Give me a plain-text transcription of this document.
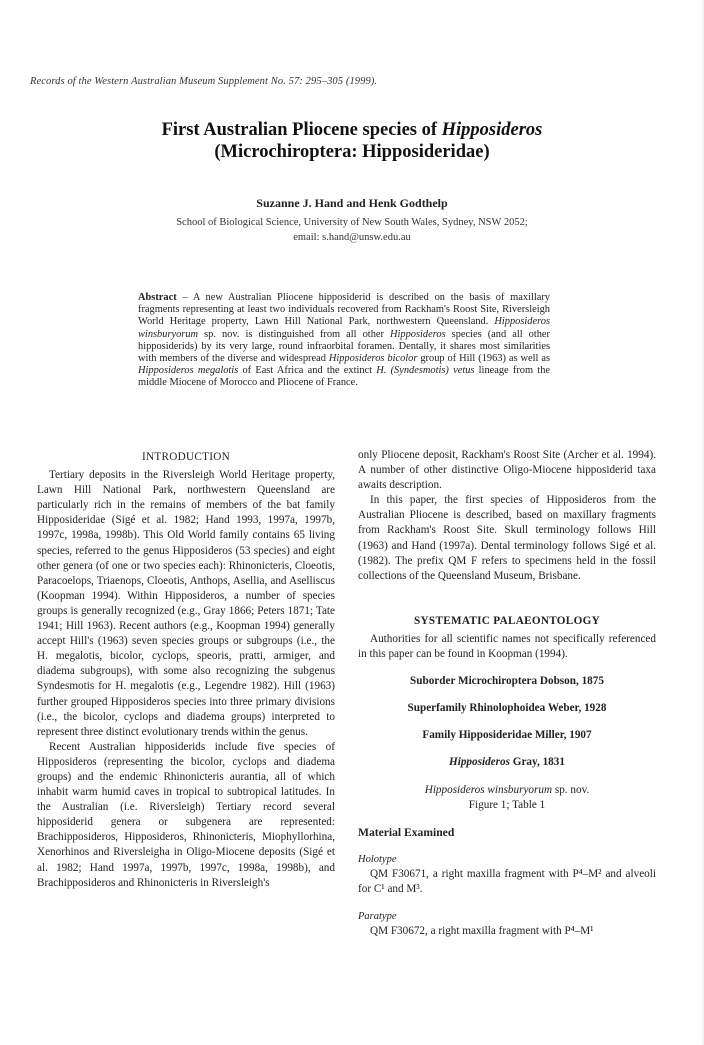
Records of the Western Australian Museum Supplement No. 57: 295–305 (1999).
First Australian Pliocene species of Hipposideros
(Microchiroptera: Hipposideridae)
Suzanne J. Hand and Henk Godthelp
School of Biological Science, University of New South Wales, Sydney, NSW 2052;
email: s.hand@unsw.edu.au
Abstract – A new Australian Pliocene hipposiderid is described on the basis of maxillary fragments representing at least two individuals recovered from Rackham's Roost Site, Riversleigh World Heritage property, Lawn Hill National Park, northwestern Queensland. Hipposideros winsburyorum sp. nov. is distinguished from all other Hipposideros species (and all other hipposiderids) by its very large, round infraorbital foramen. Dentally, it shares most similarities with members of the diverse and widespread Hipposideros bicolor group of Hill (1963) as well as Hipposideros megalotis of East Africa and the extinct H. (Syndesmotis) vetus lineage from the middle Miocene of Morocco and Pliocene of France.
INTRODUCTION

Tertiary deposits in the Riversleigh World Heritage property, Lawn Hill National Park, northwestern Queensland are particularly rich in the remains of members of the bat family Hipposideridae (Sigé et al. 1982; Hand 1993, 1997a, 1997b, 1997c, 1998a, 1998b). This Old World family contains 65 living species, referred to the genus Hipposideros (53 species) and eight other genera (of one or two species each): Rhinonicteris, Cloeotis, Paracoelops, Triaenops, Cloeotis, Anthops, Asellia, and Aselliscus (Koopman 1994). Within Hipposideros, a number of species groups is generally recognized (e.g., Gray 1866; Peters 1871; Tate 1941; Hill 1963). Recent authors (e.g., Koopman 1994) generally accept Hill's (1963) seven species groups or subgroups (i.e., the H. megalotis, bicolor, cyclops, speoris, pratti, armiger, and diadema subgroups), with some also recognizing the subgenus Syndesmotis for H. megalotis (e.g., Legendre 1982). Hill (1963) further grouped Hipposideros species into three primary divisions (i.e., the bicolor, cyclops and diadema groups) interpreted to represent three distinct evolutionary trends within the genus.

Recent Australian hipposiderids include five species of Hipposideros (representing the bicolor, cyclops and diadema groups) and the endemic Rhinonicteris aurantia, all of which inhabit warm humid caves in tropical to subtropical latitudes. In the Australian (i.e. Riversleigh) Tertiary record several hipposiderid genera or subgenera are represented: Brachipposideros, Hipposideros, Rhinonicteris, Miophyllorhina, Xenorhinos and Riversleigha in Oligo-Miocene deposits (Sigé et al. 1982; Hand 1997a, 1997b, 1997c, 1998a, 1998b), and Brachipposideros and Rhinonicteris in Riversleigh's

only Pliocene deposit, Rackham's Roost Site (Archer et al. 1994). A number of other distinctive Oligo-Miocene hipposiderid taxa awaits description.

In this paper, the first species of Hipposideros from the Australian Pliocene is described, based on maxillary fragments from Rackham's Roost Site. Skull terminology follows Hill (1963) and Hand (1997a). Dental terminology follows Sigé et al. (1982). The prefix QM F refers to specimens held in the fossil collections of the Queensland Museum, Brisbane.

SYSTEMATIC PALAEONTOLOGY

Authorities for all scientific names not specifically referenced in this paper can be found in Koopman (1994).

Suborder Microchiroptera Dobson, 1875
Superfamily Rhinolophoidea Weber, 1928
Family Hipposideridae Miller, 1907
Hipposideros Gray, 1831
Hipposideros winsburyorum sp. nov.
Figure 1; Table 1
Material Examined
Holotype

QM F30671, a right maxilla fragment with P⁴–M² and alveoli for C¹ and M³.

Paratype

QM F30672, a right maxilla fragment with P⁴–M¹
